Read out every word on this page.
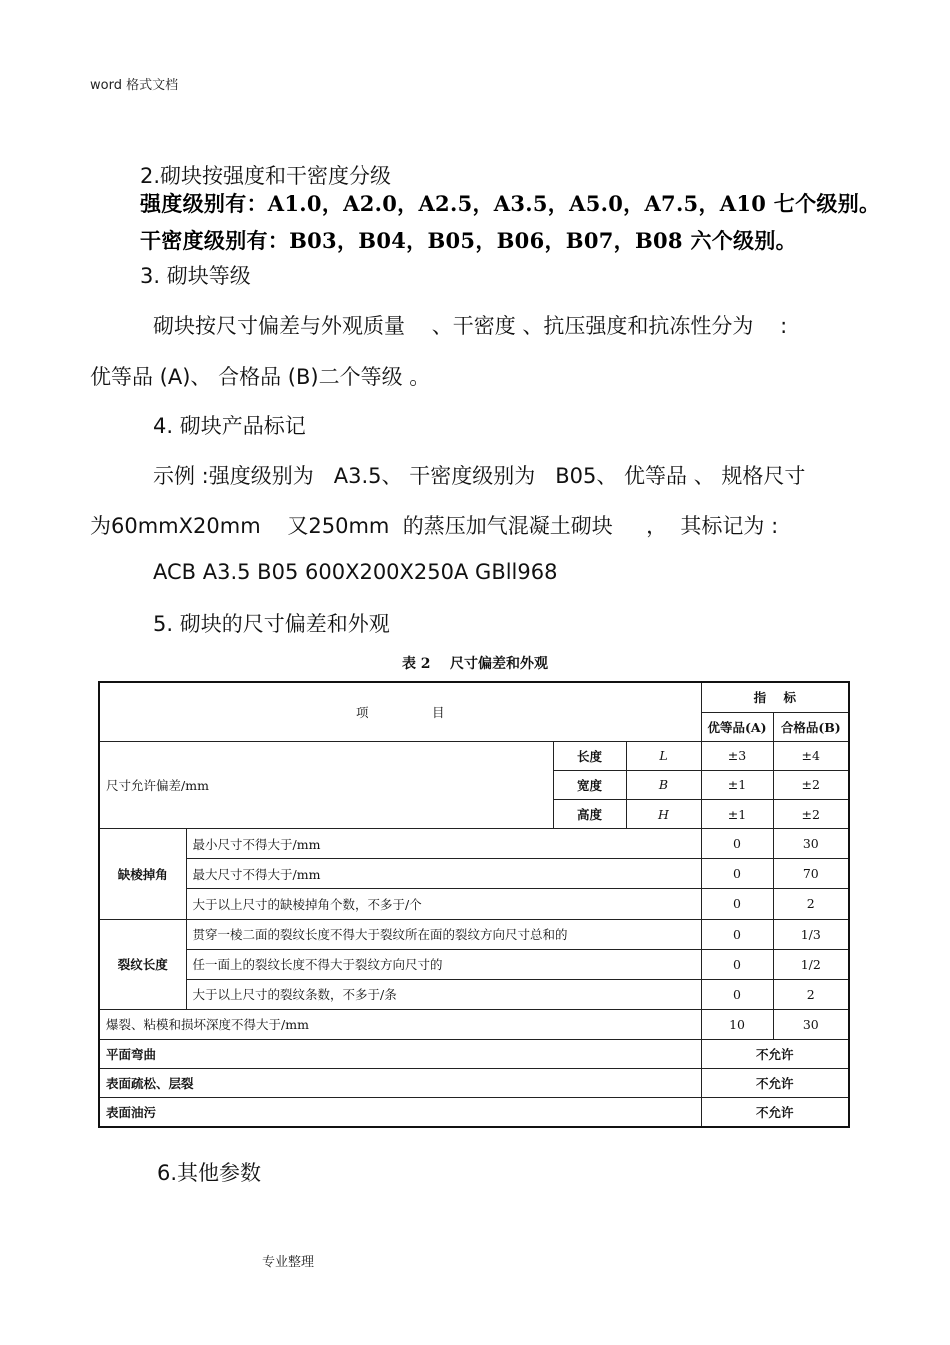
word 格式文档
2.砌块按强度和干密度分级
强度级别有：A1.0，A2.0，A2.5，A3.5，A5.0，A7.5，A10 七个级别。
干密度级别有：B03，B04，B05，B06，B07，B08 六个级别。
3. 砌块等级
砌块按尺寸偏差与外观质量    、干密度 、抗压强度和抗冻性分为    :
优等品 (A)、 合格品 (B)二个等级 。
4. 砌块产品标记
示例 :强度级别为   A3.5、 干密度级别为   B05、 优等品 、 规格尺寸
为60mmX20mm    又250mm  的蒸压加气混凝土砌块     ，  其标记为 :
ACB A3.5 B05 600X200X250A GBll968
5. 砌块的尺寸偏差和外观
表 2    尺寸偏差和外观
项                目				指    标	
				优等品(A)	合格品(B)
尺寸允许偏差/mm		长度	L	±3	±4
		宽度	B	±1	±2
		高度	H	±1	±2
缺棱掉角	最小尺寸不得大于/mm			0	30
	最大尺寸不得大于/mm			0	70
	大于以上尺寸的缺棱掉角个数，不多于/个			0	2
裂纹长度	贯穿一棱二面的裂纹长度不得大于裂纹所在面的裂纹方向尺寸总和的			0	1/3
	任一面上的裂纹长度不得大于裂纹方向尺寸的			0	1/2
	大于以上尺寸的裂纹条数，不多于/条			0	2
爆裂、粘模和损坏深度不得大于/mm				10	30
平面弯曲				不允许	
表面疏松、层裂				不允许	
表面油污				不允许	
6.其他参数
专业整理
